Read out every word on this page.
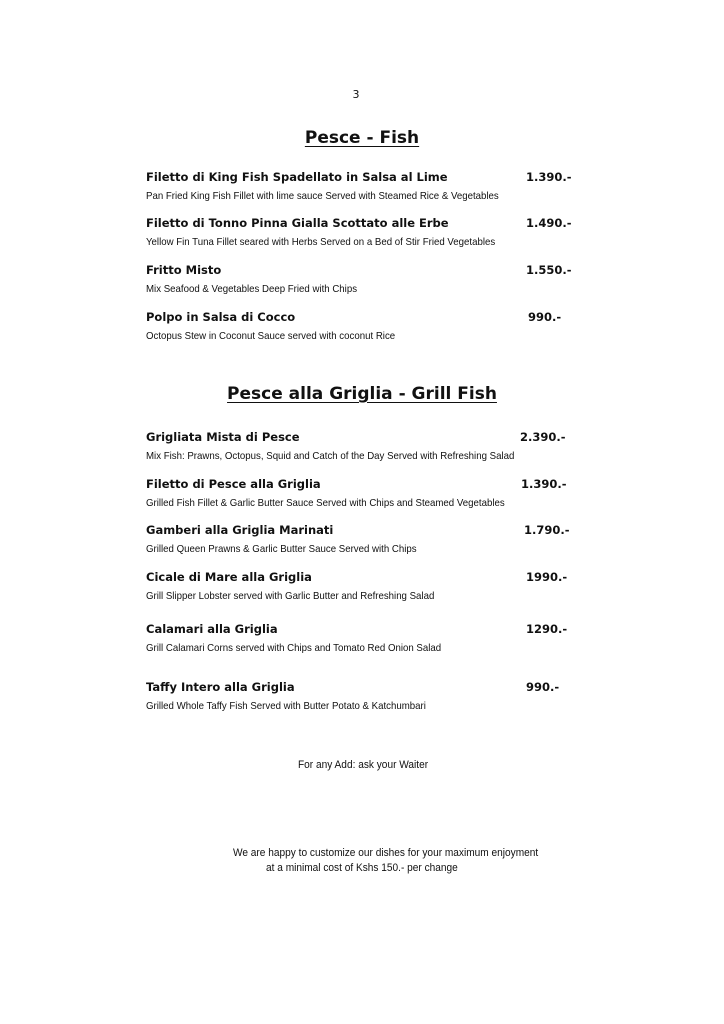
3
Pesce - Fish
Filetto di King Fish Spadellato in Salsa al Lime	1.390.-
Pan Fried King Fish Fillet with lime sauce Served with Steamed Rice & Vegetables
Filetto di Tonno Pinna Gialla Scottato alle Erbe	1.490.-
Yellow Fin Tuna Fillet seared with Herbs Served on a Bed of Stir Fried Vegetables
Fritto Misto	1.550.-
Mix Seafood & Vegetables Deep Fried with Chips
Polpo in Salsa di Cocco	990.-
Octopus Stew in Coconut Sauce served with coconut Rice
Pesce alla Griglia - Grill Fish
Grigliata Mista di Pesce	2.390.-
Mix Fish: Prawns, Octopus, Squid and Catch of the Day Served with Refreshing Salad
Filetto di Pesce alla Griglia	1.390.-
Grilled Fish Fillet & Garlic Butter Sauce Served with Chips and Steamed Vegetables
Gamberi alla Griglia Marinati	1.790.-
Grilled Queen Prawns & Garlic Butter Sauce Served with Chips
Cicale di Mare alla Griglia	1990.-
Grill Slipper Lobster served with Garlic Butter and Refreshing Salad
Calamari alla Griglia	1290.-
Grill Calamari Corns served with Chips and Tomato Red Onion Salad
Taffy Intero alla Griglia	990.-
Grilled Whole Taffy Fish Served with Butter Potato & Katchumbari
For any Add: ask your Waiter
We are happy to customize our dishes for your maximum enjoyment
at a minimal cost of Kshs 150.- per change
